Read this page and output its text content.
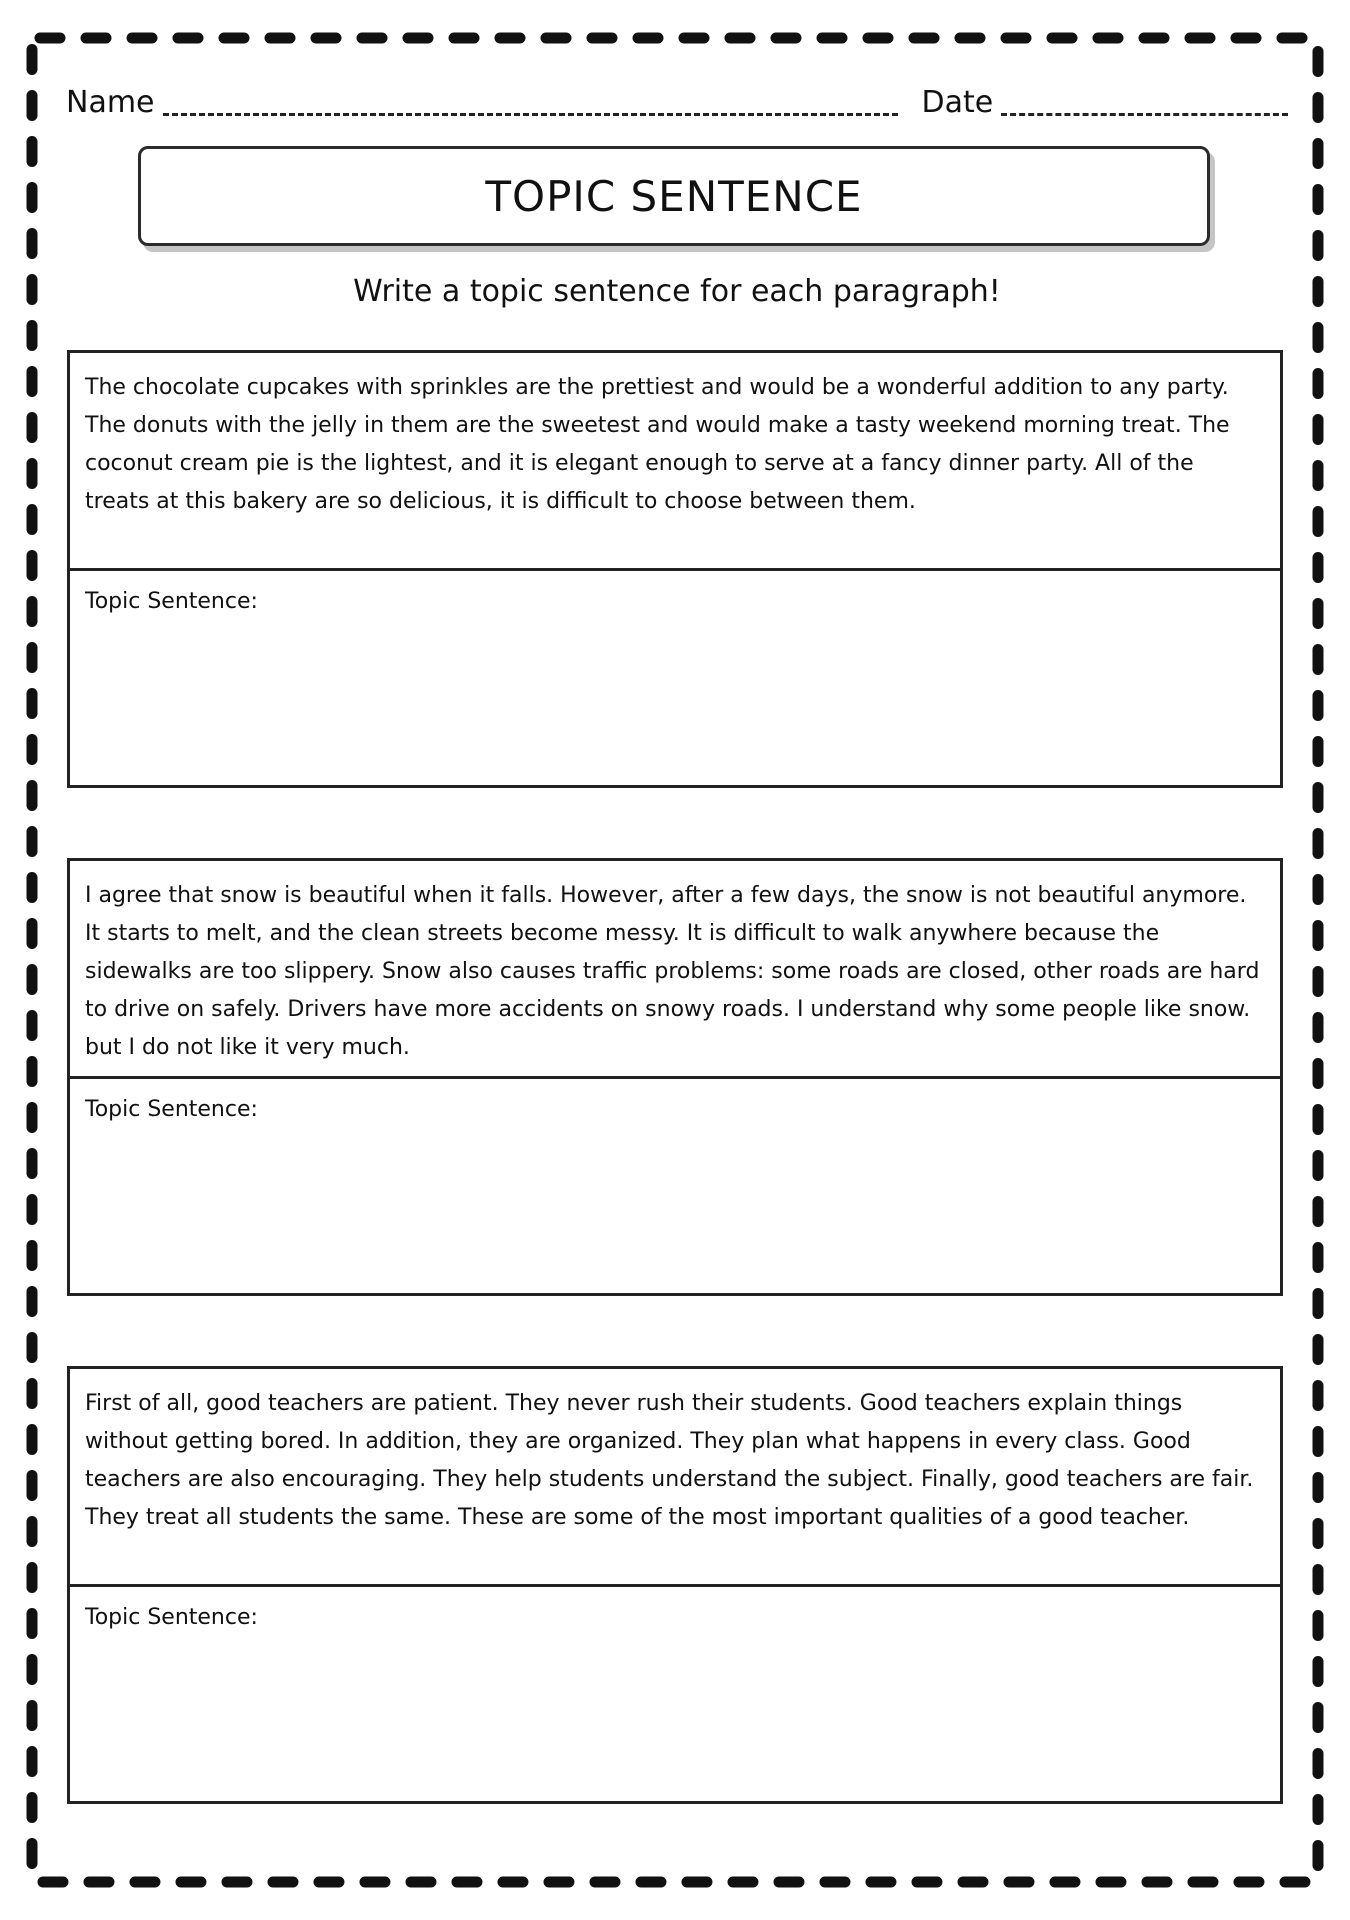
Name	Date
TOPIC SENTENCE
Write a topic sentence for each paragraph!
The chocolate cupcakes with sprinkles are the prettiest and would be a wonderful addition to any party. The donuts with the jelly in them are the sweetest and would make a tasty weekend morning treat. The coconut cream pie is the lightest, and it is elegant enough to serve at a fancy dinner party. All of the treats at this bakery are so delicious, it is difficult to choose between them.
Topic Sentence:
I agree that snow is beautiful when it falls. However, after a few days, the snow is not beautiful anymore. It starts to melt, and the clean streets become messy. It is difficult to walk anywhere because the sidewalks are too slippery. Snow also causes traffic problems: some roads are closed, other roads are hard to drive on safely. Drivers have more accidents on snowy roads. I understand why some people like snow. but I do not like it very much.
Topic Sentence:
First of all, good teachers are patient. They never rush their students. Good teachers explain things without getting bored. In addition, they are organized. They plan what happens in every class. Good teachers are also encouraging. They help students understand the subject. Finally, good teachers are fair. They treat all students the same. These are some of the most important qualities of a good teacher.
Topic Sentence:
